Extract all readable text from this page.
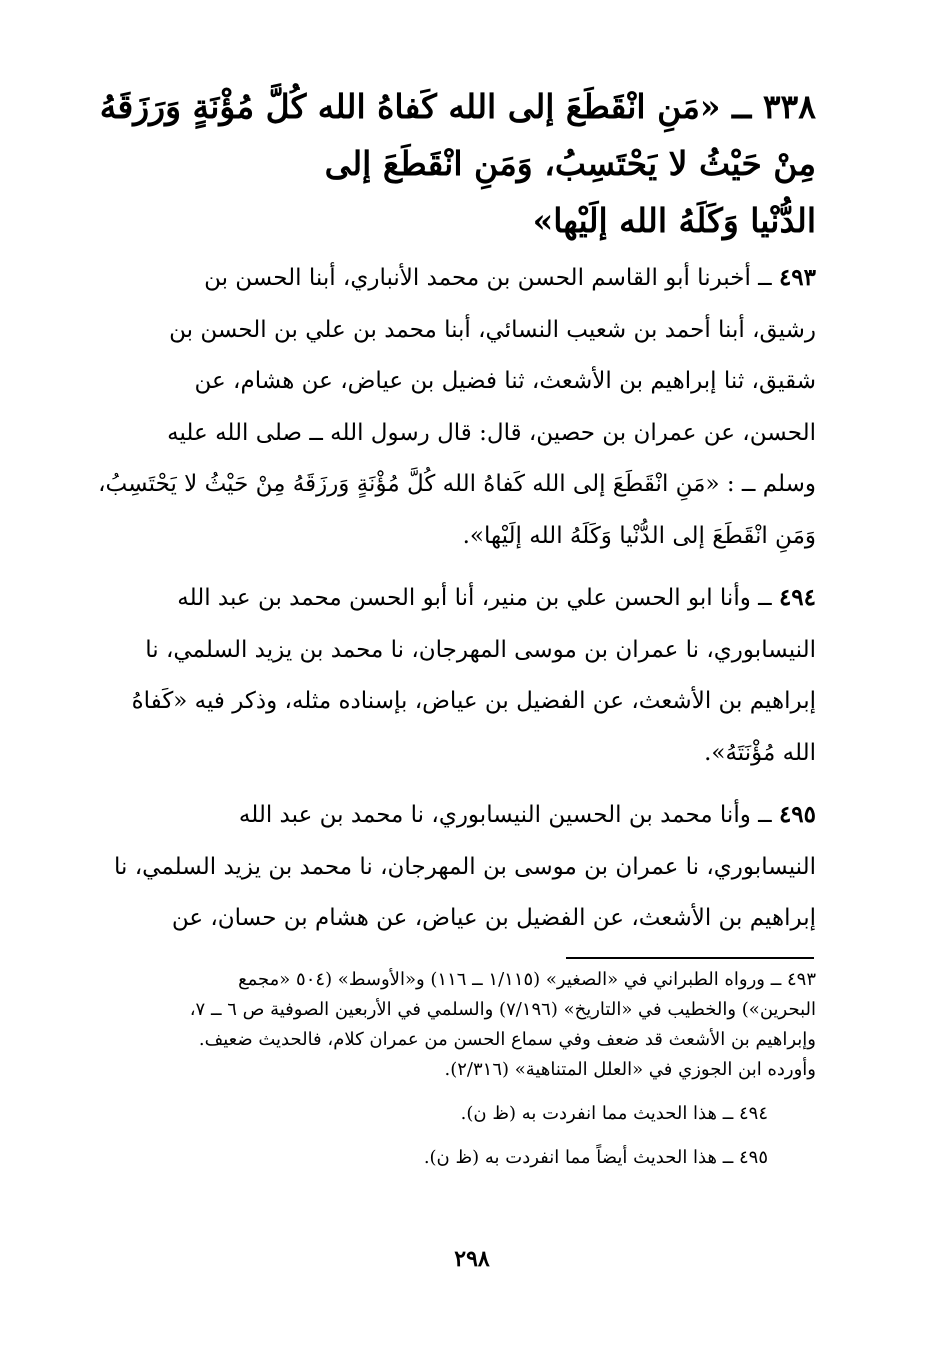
٣٣٨ ــ «مَنِ انْقَطَعَ إلى الله كَفاهُ الله كُلَّ مُؤْنَةٍ وَرَزَقَهُ
مِنْ حَيْثُ لا يَحْتَسِبُ، وَمَنِ انْقَطَعَ إلى
الدُّنْيا وَكَلَهُ الله إلَيْها»

٤٩٣ ــ أخبرنا أبو القاسم الحسن بن محمد الأنباري، أبنا الحسن بن
رشيق، أبنا أحمد بن شعيب النسائي، أبنا محمد بن علي بن الحسن بن
شقيق، ثنا إبراهيم بن الأشعث، ثنا فضيل بن عياض، عن هشام، عن
الحسن، عن عمران بن حصين، قال: قال رسول الله ــ صلى الله عليه
وسلم ــ : «مَنِ انْقَطَعَ إلى الله كَفاهُ الله كُلَّ مُؤْنَةٍ وَرزَقَهُ مِنْ حَيْثُ لا يَحْتَسِبُ،
وَمَنِ انْقَطَعَ إلى الدُّنْيا وَكَلَهُ الله إلَيْها».

٤٩٤ ــ وأنا ابو الحسن علي بن منير، أنا أبو الحسن محمد بن عبد الله
النيسابوري، نا عمران بن موسى المهرجان، نا محمد بن يزيد السلمي، نا
إبراهيم بن الأشعث، عن الفضيل بن عياض، بإسناده مثله، وذكر فيه «كَفاهُ
الله مُؤْنَتَهُ».

٤٩٥ ــ وأنا محمد بن الحسين النيسابوري، نا محمد بن عبد الله
النيسابوري، نا عمران بن موسى بن المهرجان، نا محمد بن يزيد السلمي، نا
إبراهيم بن الأشعث، عن الفضيل بن عياض، عن هشام بن حسان، عن

٤٩٣ ــ ورواه الطبراني في «الصغير» (١/١١٥ ــ ١١٦) و«الأوسط» (٥٠٤ «مجمع
البحرين») والخطيب في «التاريخ» (٧/١٩٦) والسلمي في الأربعين الصوفية ص ٦ ــ ٧،
وإبراهيم بن الأشعث قد ضعف وفي سماع الحسن من عمران كلام، فالحديث ضعيف.
وأورده ابن الجوزي في «العلل المتناهية» (٢/٣١٦).

٤٩٤ ــ هذا الحديث مما انفردت به (ظ ن).

٤٩٥ ــ هذا الحديث أيضاً مما انفردت به (ظ ن).

٢٩٨
